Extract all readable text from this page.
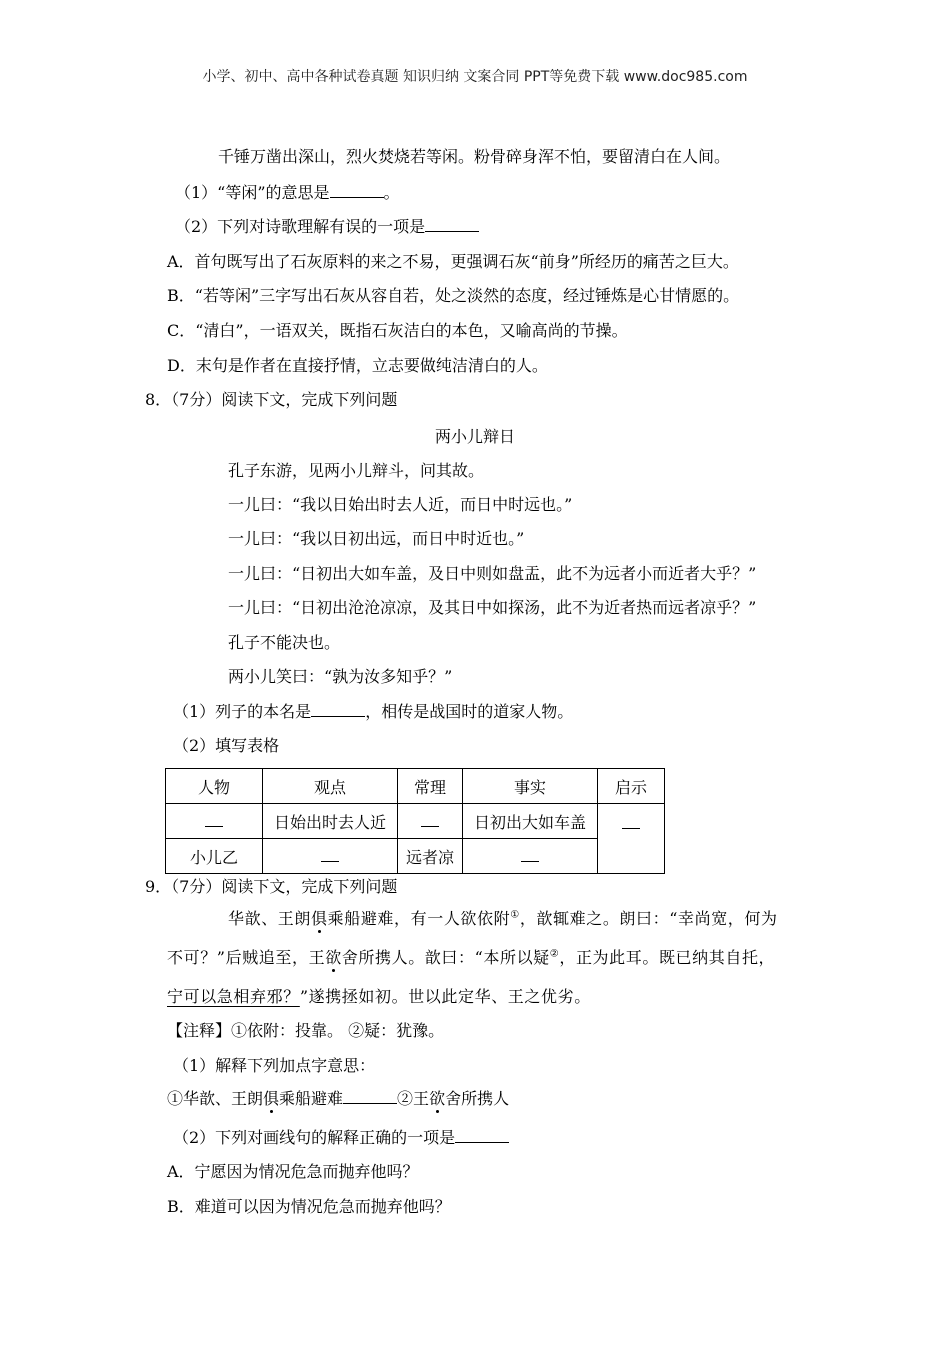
小学、初中、高中各种试卷真题 知识归纳 文案合同 PPT等免费下载 www.doc985.com
千锤万凿出深山，烈火焚烧若等闲。粉骨碎身浑不怕，要留清白在人间。
（1）“等闲”的意思是	。
（2）下列对诗歌理解有误的一项是
A．首句既写出了石灰原料的来之不易，更强调石灰“前身”所经历的痛苦之巨大。
B．“若等闲”三字写出石灰从容自若，处之淡然的态度，经过锤炼是心甘情愿的。
C．“清白”，一语双关，既指石灰洁白的本色，又喻高尚的节操。
D．末句是作者在直接抒情，立志要做纯洁清白的人。
8．（7分）阅读下文，完成下列问题
两小儿辩日
孔子东游，见两小儿辩斗，问其故。
一儿曰：“我以日始出时去人近，而日中时远也。”
一儿曰：“我以日初出远，而日中时近也。”
一儿曰：“日初出大如车盖，及日中则如盘盂，此不为远者小而近者大乎？”
一儿曰：“日初出沧沧凉凉，及其日中如探汤，此不为近者热而远者凉乎？”
孔子不能决也。
两小儿笑曰：“孰为汝多知乎？”
（1）列子的本名是	，相传是战国时的道家人物。
（2）填写表格
人物	观点	常理	事实	启示
	日始出时去人近		日初出大如车盖	
小儿乙		远者凉		
9．（7分）阅读下文，完成下列问题
华歆、王朗俱乘船避难，有一人欲依附①，歆辄难之。朗曰：“幸尚宽，何为
不可？”后贼追至，王欲舍所携人。歆曰：“本所以疑②，正为此耳。既已纳其自托，
宁可以急相弃邪？”遂携拯如初。世以此定华、王之优劣。
【注释】①依附：投靠。 ②疑：犹豫。
（1）解释下列加点字意思：
①华歆、王朗俱乘船避难	②王欲舍所携人
（2）下列对画线句的解释正确的一项是
A．宁愿因为情况危急而抛弃他吗？
B．难道可以因为情况危急而抛弃他吗？
